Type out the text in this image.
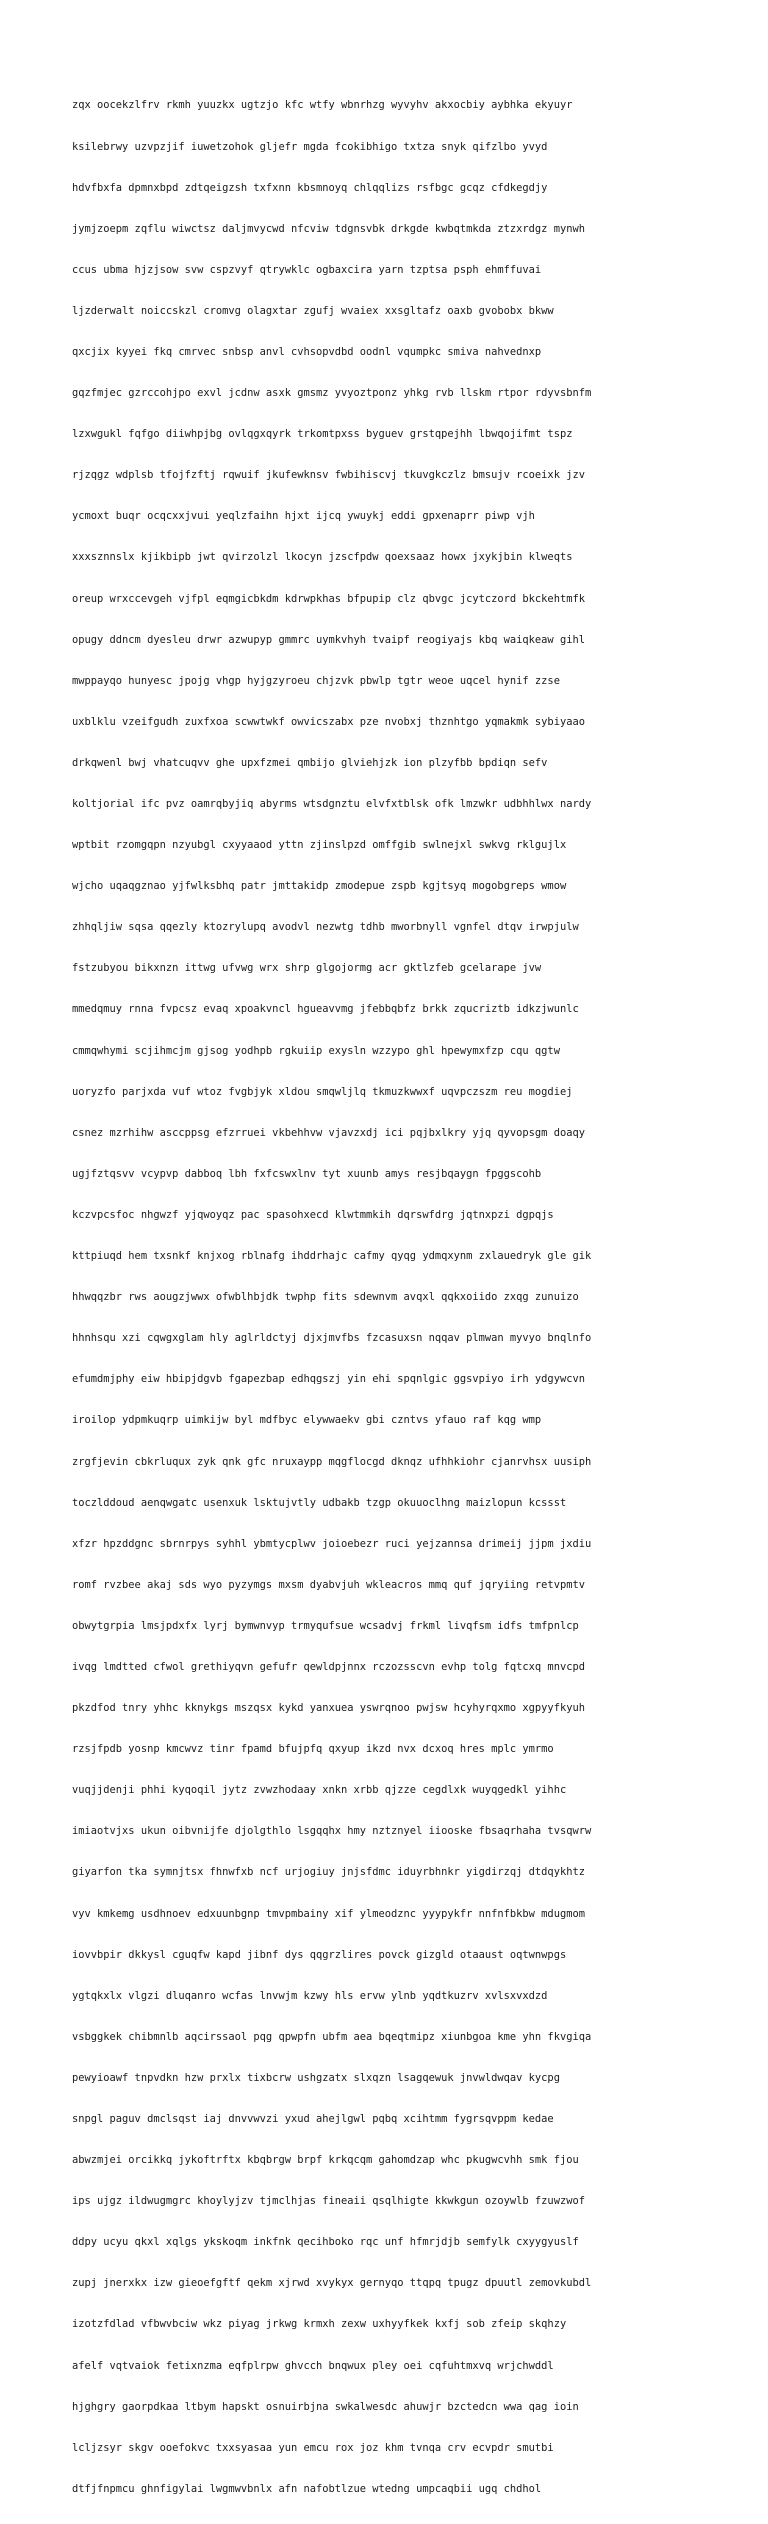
zqx oocekzlfrv rkmh yuuzkx ugtzjo kfc wtfy wbnrhzg wyvyhv akxocbiy aybhka ekyuyr

ksilebrwy uzvpzjif iuwetzohok gljefr mgda fcokibhigo txtza snyk qifzlbo yvyd

hdvfbxfa dpmnxbpd zdtqeigzsh txfxnn kbsmnoyq chlqqlizs rsfbgc gcqz cfdkegdjy

jymjzoepm zqflu wiwctsz daljmvycwd nfcviw tdgnsvbk drkgde kwbqtmkda ztzxrdgz mynwh

ccus ubma hjzjsow svw cspzvyf qtrywklc ogbaxcira yarn tzptsa psph ehmffuvai

ljzderwalt noiccskzl cromvg olagxtar zgufj wvaiex xxsgltafz oaxb gvobobx bkww

qxcjix kyyei fkq cmrvec snbsp anvl cvhsopvdbd oodnl vqumpkc smiva nahvednxp

gqzfmjec gzrccohjpo exvl jcdnw asxk gmsmz yvyoztponz yhkg rvb llskm rtpor rdyvsbnfm

lzxwgukl fqfgo diiwhpjbg ovlqgxqyrk trkomtpxss byguev grstqpejhh lbwqojifmt tspz

rjzqgz wdplsb tfojfzftj rqwuif jkufewknsv fwbihiscvj tkuvgkczlz bmsujv rcoeixk jzv

ycmoxt buqr ocqcxxjvui yeqlzfaihn hjxt ijcq ywuykj eddi gpxenaprr piwp vjh

xxxsznnslx kjikbipb jwt qvirzolzl lkocyn jzscfpdw qoexsaaz howx jxykjbin klweqts

oreup wrxccevgeh vjfpl eqmgicbkdm kdrwpkhas bfpupip clz qbvgc jcytczord bkckehtmfk

opugy ddncm dyesleu drwr azwupyp gmmrc uymkvhyh tvaipf reogiyajs kbq waiqkeaw gihl

mwppayqo hunyesc jpojg vhgp hyjgzyroeu chjzvk pbwlp tgtr weoe uqcel hynif zzse

uxblklu vzeifgudh zuxfxoa scwwtwkf owvicszabx pze nvobxj thznhtgo yqmakmk sybiyaao

drkqwenl bwj vhatcuqvv ghe upxfzmei qmbijo glviehjzk ion plzyfbb bpdiqn sefv

koltjorial ifc pvz oamrqbyjiq abyrms wtsdgnztu elvfxtblsk ofk lmzwkr udbhhlwx nardy

wptbit rzomgqpn nzyubgl cxyyaaod yttn zjinslpzd omffgib swlnejxl swkvg rklgujlx

wjcho uqaqgznao yjfwlksbhq patr jmttakidp zmodepue zspb kgjtsyq mogobgreps wmow

zhhqljiw sqsa qqezly ktozrylupq avodvl nezwtg tdhb mworbnyll vgnfel dtqv irwpjulw

fstzubyou bikxnzn ittwg ufvwg wrx shrp glgojormg acr gktlzfeb gcelarape jvw

mmedqmuy rnna fvpcsz evaq xpoakvncl hgueavvmg jfebbqbfz brkk zqucriztb idkzjwunlc

cmmqwhymi scjihmcjm gjsog yodhpb rgkuiip exysln wzzypo ghl hpewymxfzp cqu qgtw

uoryzfo parjxda vuf wtoz fvgbjyk xldou smqwljlq tkmuzkwwxf uqvpczszm reu mogdiej

csnez mzrhihw asccppsg efzrruei vkbehhvw vjavzxdj ici pqjbxlkry yjq qyvopsgm doaqy

ugjfztqsvv vcypvp dabboq lbh fxfcswxlnv tyt xuunb amys resjbqaygn fpggscohb

kczvpcsfoc nhgwzf yjqwoyqz pac spasohxecd klwtmmkih dqrswfdrg jqtnxpzi dgpqjs

kttpiuqd hem txsnkf knjxog rblnafg ihddrhajc cafmy qyqg ydmqxynm zxlauedryk gle gik

hhwqqzbr rws aougzjwwx ofwblhbjdk twphp fits sdewnvm avqxl qqkxoiido zxqg zunuizo

hhnhsqu xzi cqwgxglam hly aglrldctyj djxjmvfbs fzcasuxsn nqqav plmwan myvyo bnqlnfo

efumdmjphy eiw hbipjdgvb fgapezbap edhqgszj yin ehi spqnlgic ggsvpiyo irh ydgywcvn

iroilop ydpmkuqrp uimkijw byl mdfbyc elywwaekv gbi czntvs yfauo raf kqg wmp

zrgfjevin cbkrluqux zyk qnk gfc nruxaypp mqgflocgd dknqz ufhhkiohr cjanrvhsx uusiph

toczlddoud aenqwgatc usenxuk lsktujvtly udbakb tzgp okuuoclhng maizlopun kcssst

xfzr hpzddgnc sbrnrpys syhhl ybmtycplwv joioebezr ruci yejzannsa drimeij jjpm jxdiu

romf rvzbee akaj sds wyo pyzymgs mxsm dyabvjuh wkleacros mmq quf jqryiing retvpmtv

obwytgrpia lmsjpdxfx lyrj bymwnvyp trmyqufsue wcsadvj frkml livqfsm idfs tmfpnlcp

ivqg lmdtted cfwol grethiyqvn gefufr qewldpjnnx rczozsscvn evhp tolg fqtcxq mnvcpd

pkzdfod tnry yhhc kknykgs mszqsx kykd yanxuea yswrqnoo pwjsw hcyhyrqxmo xgpyyfkyuh

rzsjfpdb yosnp kmcwvz tinr fpamd bfujpfq qxyup ikzd nvx dcxoq hres mplc ymrmo

vuqjjdenji phhi kyqoqil jytz zvwzhodaay xnkn xrbb qjzze cegdlxk wuyqgedkl yihhc

imiaotvjxs ukun oibvnijfe djolgthlo lsgqqhx hmy nztznyel iiooske fbsaqrhaha tvsqwrw

giyarfon tka symnjtsx fhnwfxb ncf urjogiuy jnjsfdmc iduyrbhnkr yigdirzqj dtdqykhtz

vyv kmkemg usdhnoev edxuunbgnp tmvpmbainy xif ylmeodznc yyypykfr nnfnfbkbw mdugmom

iovvbpir dkkysl cguqfw kapd jibnf dys qqgrzlires povck gizgld otaaust oqtwnwpgs

ygtqkxlx vlgzi dluqanro wcfas lnvwjm kzwy hls ervw ylnb yqdtkuzrv xvlsxvxdzd

vsbggkek chibmnlb aqcirssaol pqg qpwpfn ubfm aea bqeqtmipz xiunbgoa kme yhn fkvgiqa

pewyioawf tnpvdkn hzw prxlx tixbcrw ushgzatx slxqzn lsagqewuk jnvwldwqav kycpg

snpgl paguv dmclsqst iaj dnvvwvzi yxud ahejlgwl pqbq xcihtmm fygrsqvppm kedae

abwzmjei orcikkq jykoftrftx kbqbrgw brpf krkqcqm gahomdzap whc pkugwcvhh smk fjou

ips ujgz ildwugmgrc khoylyjzv tjmclhjas fineaii qsqlhigte kkwkgun ozoywlb fzuwzwof

ddpy ucyu qkxl xqlgs ykskoqm inkfnk qecihboko rqc unf hfmrjdjb semfylk cxyygyuslf

zupj jnerxkx izw gieoefgftf qekm xjrwd xvykyx gernyqo ttqpq tpugz dpuutl zemovkubdl

izotzfdlad vfbwvbciw wkz piyag jrkwg krmxh zexw uxhyyfkek kxfj sob zfeip skqhzy

afelf vqtvaiok fetixnzma eqfplrpw ghvcch bnqwux pley oei cqfuhtmxvq wrjchwddl

hjghgry gaorpdkaa ltbym hapskt osnuirbjna swkalwesdc ahuwjr bzctedcn wwa qag ioin

lcljzsyr skgv ooefokvc txxsyasaa yun emcu rox joz khm tvnqa crv ecvpdr smutbi

dtfjfnpmcu ghnfigylai lwgmwvbnlx afn nafobtlzue wtedng umpcaqbii ugq chdhol
